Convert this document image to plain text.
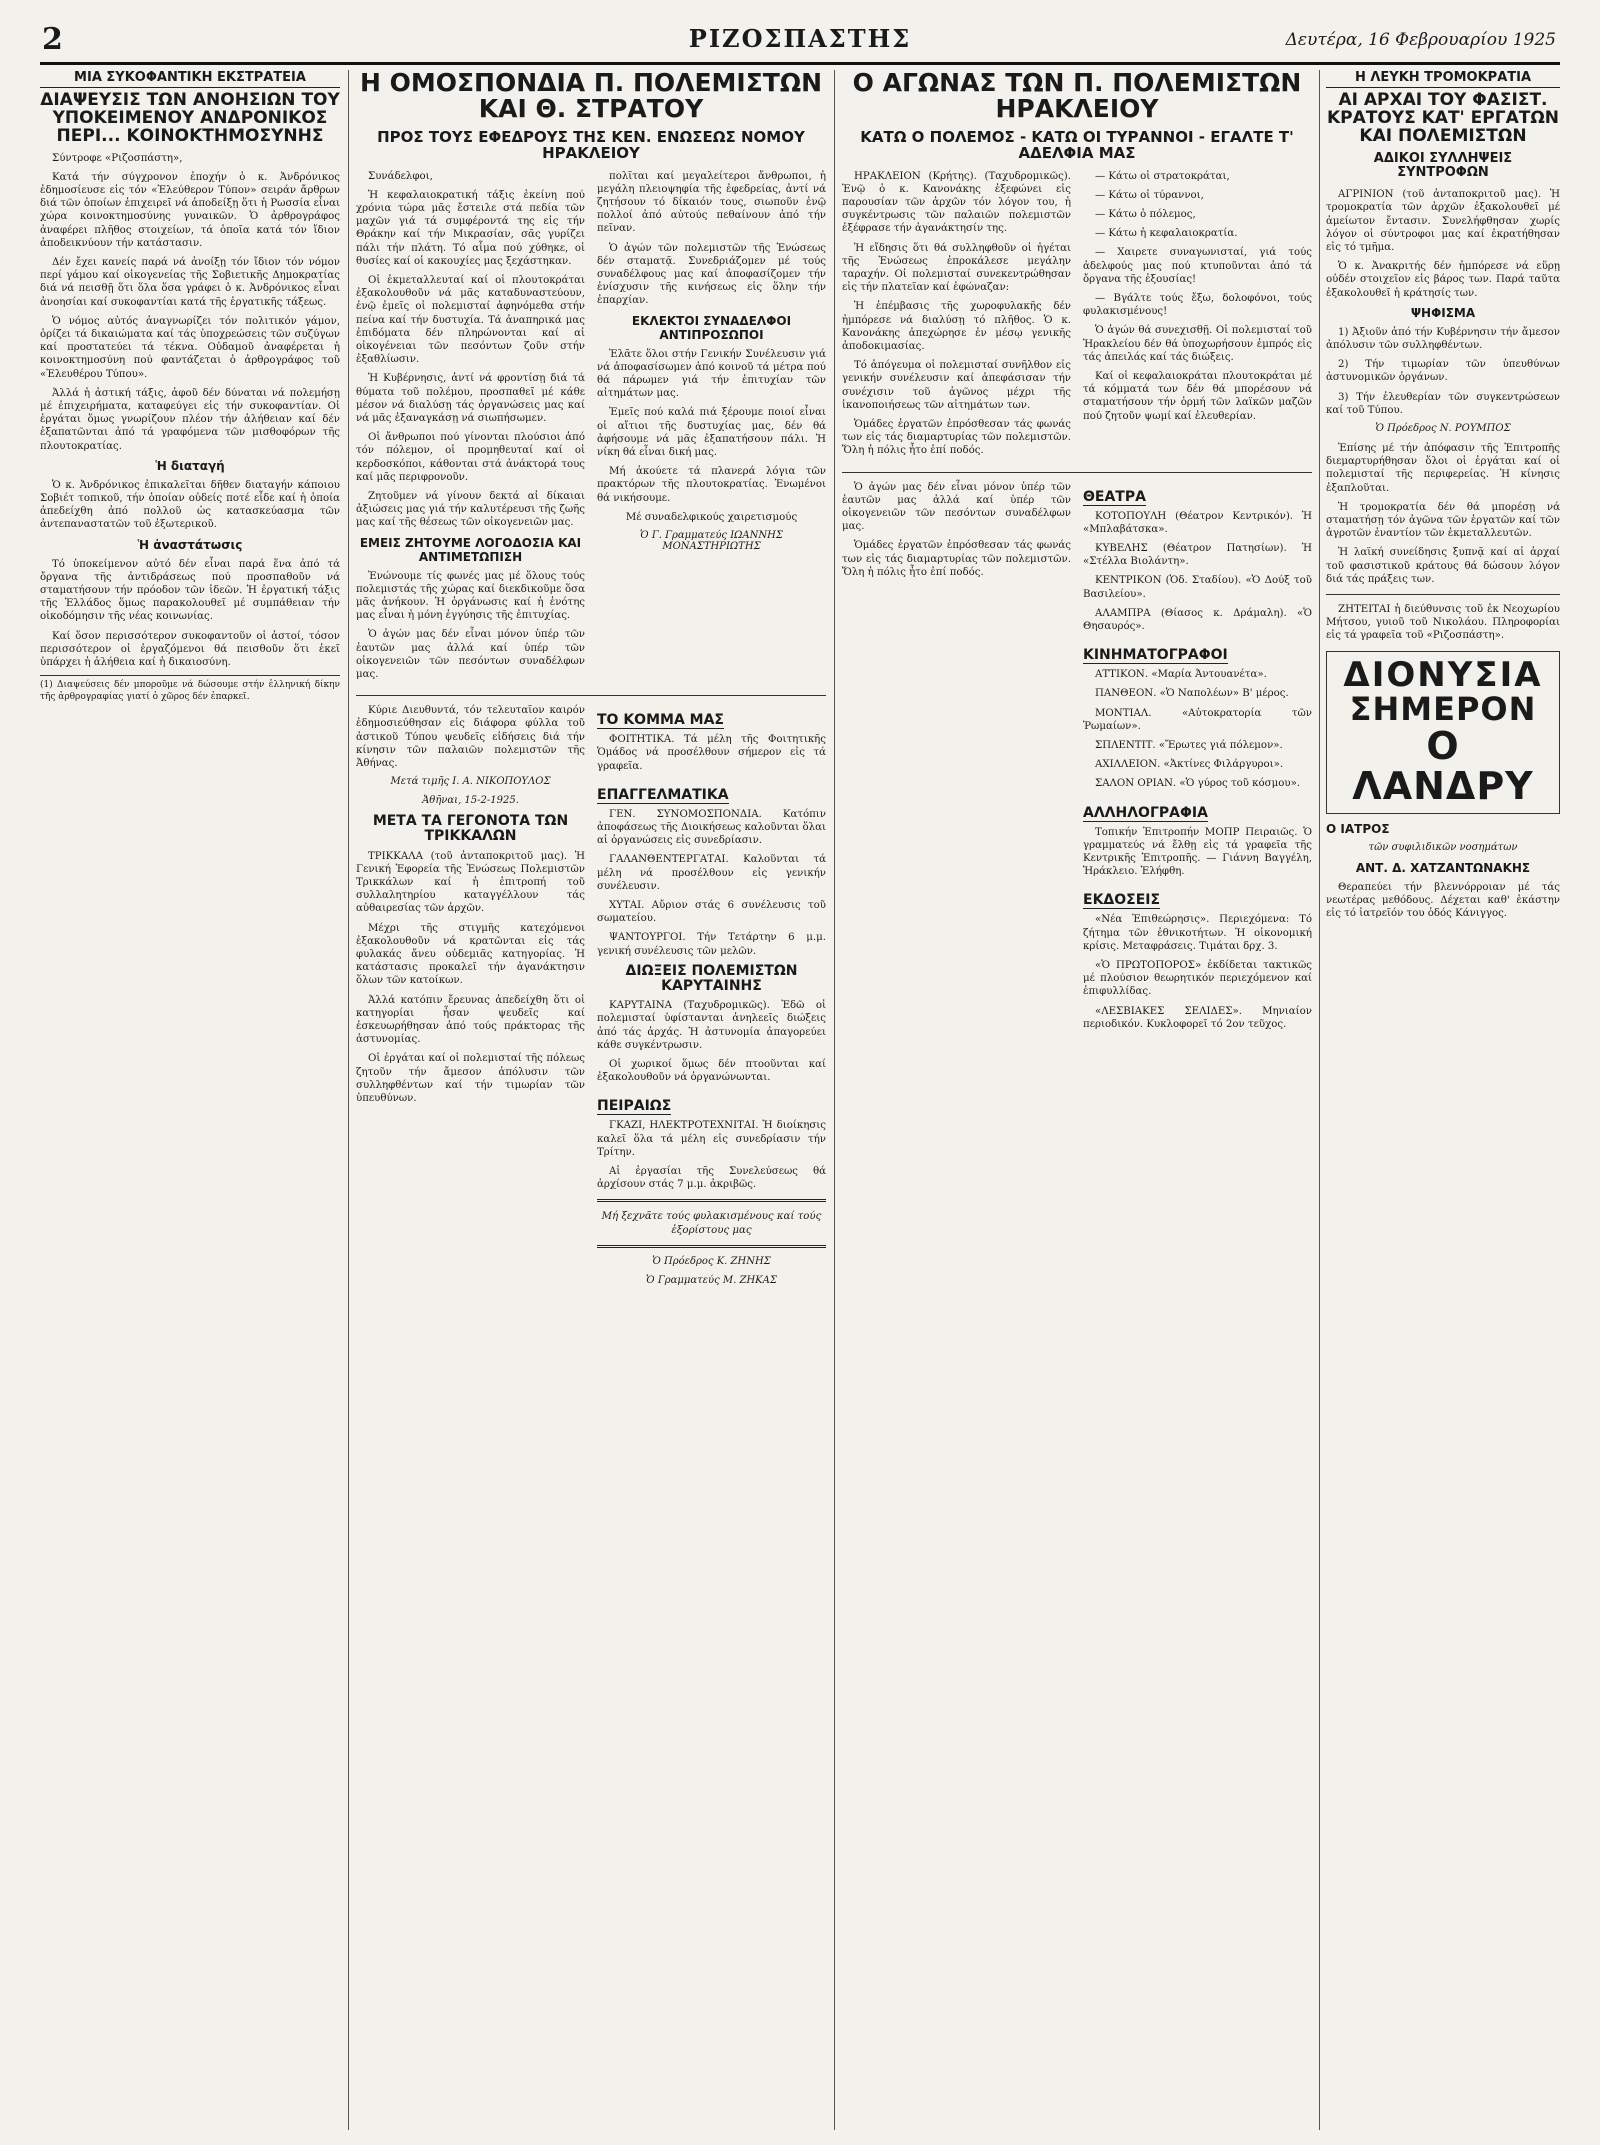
2	ΡΙΖΟΣΠΑΣΤΗΣ	Δευτέρα, 16 Φεβρουαρίου 1925
ΜΙΑ ΣΥΚΟΦΑΝΤΙΚΗ ΕΚΣΤΡΑΤΕΙΑ
ΔΙΑΨΕΥΣΙΣ ΤΩΝ ΑΝΟΗΣΙΩΝ ΤΟΥ ΥΠΟΚΕΙΜΕΝΟΥ ΑΝΔΡΟΝΙΚΟΣ ΠΕΡΙ... ΚΟΙΝΟΚΤΗΜΟΣΥΝΗΣ

Σύντροφε «Ριζοσπάστη»,

Κατά τήν σύγχρονον ἐποχήν ὁ κ. Ἀνδρόνικος ἐδημοσίευσε εἰς τόν «Ἐλεύθερον Τύπον» σειράν ἄρθρων διά τῶν ὁποίων ἐπιχειρεῖ νά ἀποδείξῃ ὅτι ἡ Ρωσσία εἶναι χώρα κοινοκτημοσύνης γυναικῶν. Ὁ ἀρθρογράφος ἀναφέρει πλῆθος στοιχείων, τά ὁποῖα κατά τόν ἴδιον ἀποδεικνύουν τήν κατάστασιν.

Δέν ἔχει κανείς παρά νά ἀνοίξῃ τόν ἴδιον τόν νόμον περί γάμου καί οἰκογενείας τῆς Σοβιετικῆς Δημοκρατίας διά νά πεισθῇ ὅτι ὅλα ὅσα γράφει ὁ κ. Ἀνδρόνικος εἶναι ἀνοησίαι καί συκοφαντίαι κατά τῆς ἐργατικῆς τάξεως.

Ὁ νόμος αὐτός ἀναγνωρίζει τόν πολιτικόν γάμον, ὁρίζει τά δικαιώματα καί τάς ὑποχρεώσεις τῶν συζύγων καί προστατεύει τά τέκνα. Οὐδαμοῦ ἀναφέρεται ἡ κοινοκτημοσύνη πού φαντάζεται ὁ ἀρθρογράφος τοῦ «Ἐλευθέρου Τύπου».

Ἀλλά ἡ ἀστική τάξις, ἀφοῦ δέν δύναται νά πολεμήσῃ μέ ἐπιχειρήματα, καταφεύγει εἰς τήν συκοφαντίαν. Οἱ ἐργάται ὅμως γνωρίζουν πλέον τήν ἀλήθειαν καί δέν ἐξαπατῶνται ἀπό τά γραφόμενα τῶν μισθοφόρων τῆς πλουτοκρατίας.

Ἡ διαταγή

Ὁ κ. Ἀνδρόνικος ἐπικαλεῖται δῆθεν διαταγήν κάποιου Σοβιέτ τοπικοῦ, τήν ὁποίαν οὐδείς ποτέ εἶδε καί ἡ ὁποία ἀπεδείχθη ἀπό πολλοῦ ὡς κατασκεύασμα τῶν ἀντεπαναστατῶν τοῦ ἐξωτερικοῦ.

Ἡ ἀναστάτωσις

Τό ὑποκείμενον αὐτό δέν εἶναι παρά ἕνα ἀπό τά ὄργανα τῆς ἀντιδράσεως πού προσπαθοῦν νά σταματήσουν τήν πρόοδον τῶν ἰδεῶν. Ἡ ἐργατική τάξις τῆς Ἑλλάδος ὅμως παρακολουθεῖ μέ συμπάθειαν τήν οἰκοδόμησιν τῆς νέας κοινωνίας.

Καί ὅσον περισσότερον συκοφαντοῦν οἱ ἀστοί, τόσον περισσότερον οἱ ἐργαζόμενοι θά πεισθοῦν ὅτι ἐκεῖ ὑπάρχει ἡ ἀλήθεια καί ἡ δικαιοσύνη.

(1) Διαψεύσεις δέν μποροῦμε νά δώσουμε στήν ἑλληνική δίκην τῆς ἀρθρογραφίας γιατί ὁ χῶρος δέν ἐπαρκεῖ.
Η ΟΜΟΣΠΟΝΔΙΑ Π. ΠΟΛΕΜΙΣΤΩΝ ΚΑΙ Θ. ΣΤΡΑΤΟΥ
ΠΡΟΣ ΤΟΥΣ ΕΦΕΔΡΟΥΣ ΤΗΣ ΚΕΝ. ΕΝΩΣΕΩΣ ΝΟΜΟΥ ΗΡΑΚΛΕΙΟΥ

Συνάδελφοι,

Ἡ κεφαλαιοκρατική τάξις ἐκείνη πού χρόνια τώρα μᾶς ἔστειλε στά πεδία τῶν μαχῶν γιά τά συμφέροντά της εἰς τήν Θράκην καί τήν Μικρασίαν, σᾶς γυρίζει πάλι τήν πλάτη. Τό αἷμα πού χύθηκε, οἱ θυσίες καί οἱ κακουχίες μας ξεχάστηκαν.

Οἱ ἐκμεταλλευταί καί οἱ πλουτοκράται ἐξακολουθοῦν νά μᾶς καταδυναστεύουν, ἐνῷ ἐμεῖς οἱ πολεμισταί ἀφηνόμεθα στήν πείνα καί τήν δυστυχία. Τά ἀναπηρικά μας ἐπιδόματα δέν πληρώνονται καί αἱ οἰκογένειαι τῶν πεσόντων ζοῦν στήν ἐξαθλίωσιν.

Ἡ Κυβέρνησις, ἀντί νά φροντίσῃ διά τά θύματα τοῦ πολέμου, προσπαθεῖ μέ κάθε μέσον νά διαλύσῃ τάς ὀργανώσεις μας καί νά μᾶς ἐξαναγκάσῃ νά σιωπήσωμεν.

Οἱ ἄνθρωποι πού γίνονται πλούσιοι ἀπό τόν πόλεμον, οἱ προμηθευταί καί οἱ κερδοσκόποι, κάθονται στά ἀνάκτορά τους καί μᾶς περιφρονοῦν.

Ζητοῦμεν νά γίνουν δεκτά αἱ δίκαιαι ἀξιώσεις μας γιά τήν καλυτέρευσι τῆς ζωῆς μας καί τῆς θέσεως τῶν οἰκογενειῶν μας.

ΕΜΕΙΣ ΖΗΤΟΥΜΕ ΛΟΓΟΔΟΣΙΑ ΚΑΙ ΑΝΤΙΜΕΤΩΠΙΣΗ

Ἐνώνουμε τίς φωνές μας μέ ὅλους τούς πολεμιστάς τῆς χώρας καί διεκδικοῦμε ὅσα μᾶς ἀνήκουν. Ἡ ὀργάνωσις καί ἡ ἑνότης μας εἶναι ἡ μόνη ἐγγύησις τῆς ἐπιτυχίας.

Ὁ ἀγών μας δέν εἶναι μόνον ὑπέρ τῶν ἑαυτῶν μας ἀλλά καί ὑπέρ τῶν οἰκογενειῶν τῶν πεσόντων συναδέλφων μας.

πολῖται καί μεγαλείτεροι ἄνθρωποι, ἡ μεγάλη πλειοψηφία τῆς ἐφεδρείας, ἀντί νά ζητήσουν τό δίκαιόν τους, σιωποῦν ἐνῷ πολλοί ἀπό αὐτούς πεθαίνουν ἀπό τήν πεῖναν.

Ὁ ἀγών τῶν πολεμιστῶν τῆς Ἑνώσεως δέν σταματᾷ. Συνεδριάζομεν μέ τούς συναδέλφους μας καί ἀποφασίζομεν τήν ἐνίσχυσιν τῆς κινήσεως εἰς ὅλην τήν ἐπαρχίαν.

ΕΚΛΕΚΤΟΙ ΣΥΝΑΔΕΛΦΟΙ ΑΝΤΙΠΡΟΣΩΠΟΙ

Ἐλᾶτε ὅλοι στήν Γενικήν Συνέλευσιν γιά νά ἀποφασίσωμεν ἀπό κοινοῦ τά μέτρα πού θά πάρωμεν γιά τήν ἐπιτυχίαν τῶν αἰτημάτων μας.

Ἐμεῖς πού καλά πιά ξέρουμε ποιοί εἶναι οἱ αἴτιοι τῆς δυστυχίας μας, δέν θά ἀφήσουμε νά μᾶς ἐξαπατήσουν πάλι. Ἡ νίκη θά εἶναι δική μας.

Μή ἀκούετε τά πλανερά λόγια τῶν πρακτόρων τῆς πλουτοκρατίας. Ἑνωμένοι θά νικήσουμε.

Μέ συναδελφικούς χαιρετισμούς

Ὁ Γ. Γραμματεύς ΙΩΑΝΝΗΣ ΜΟΝΑΣΤΗΡΙΩΤΗΣ

Κύριε Διευθυντά, τόν τελευταῖον καιρόν ἐδημοσιεύθησαν εἰς διάφορα φύλλα τοῦ ἀστικοῦ Τύπου ψευδεῖς εἰδήσεις διά τήν κίνησιν τῶν παλαιῶν πολεμιστῶν τῆς Ἀθήνας.

Μετά τιμῆς Ι. Α. ΝΙΚΟΠΟΥΛΟΣ
Ἀθῆναι, 15-2-1925.
ΜΕΤΑ ΤΑ ΓΕΓΟΝΟΤΑ ΤΩΝ ΤΡΙΚΚΑΛΩΝ

ΤΡΙΚΚΑΛΑ (τοῦ ἀνταποκριτοῦ μας). Ἡ Γενική Ἐφορεία τῆς Ἐνώσεως Πολεμιστῶν Τρικκάλων καί ἡ ἐπιτροπή τοῦ συλλαλητηρίου καταγγέλλουν τάς αὐθαιρεσίας τῶν ἀρχῶν.

Μέχρι τῆς στιγμῆς κατεχόμενοι ἐξακολουθοῦν νά κρατῶνται εἰς τάς φυλακάς ἄνευ οὐδεμιᾶς κατηγορίας. Ἡ κατάστασις προκαλεῖ τήν ἀγανάκτησιν ὅλων τῶν κατοίκων.

Ἀλλά κατόπιν ἔρευνας ἀπεδείχθη ὅτι οἱ κατηγορίαι ἦσαν ψευδεῖς καί ἐσκευωρήθησαν ἀπό τούς πράκτορας τῆς ἀστυνομίας.

Οἱ ἐργάται καί οἱ πολεμισταί τῆς πόλεως ζητοῦν τήν ἄμεσον ἀπόλυσιν τῶν συλληφθέντων καί τήν τιμωρίαν τῶν ὑπευθύνων.

ΤΟ ΚΟΜΜΑ ΜΑΣ

ΦΟΙΤΗΤΙΚΑ. Τά μέλη τῆς Φοιτητικῆς Ὁμάδος νά προσέλθουν σήμερον εἰς τά γραφεῖα.

ΕΠΑΓΓΕΛΜΑΤΙΚΑ

ΓΕΝ. ΣΥΝΟΜΟΣΠΟΝΔΙΑ. Κατόπιν ἀποφάσεως τῆς Διοικήσεως καλοῦνται ὅλαι αἱ ὀργανώσεις εἰς συνεδρίασιν.

ΓΑΛΑΝΘΕΝΤΕΡΓΑΤΑΙ. Καλοῦνται τά μέλη νά προσέλθουν εἰς γενικήν συνέλευσιν.

ΧΥΤΑΙ. Αὔριον στάς 6 συνέλευσις τοῦ σωματείου.

ΨΑΝΤΟΥΡΓΟΙ. Τήν Τετάρτην 6 μ.μ. γενική συνέλευσις τῶν μελῶν.

ΔΙΩΞΕΙΣ ΠΟΛΕΜΙΣΤΩΝ ΚΑΡΥΤΑΙΝΗΣ

ΚΑΡΥΤΑΙΝΑ (Ταχυδρομικῶς). Ἐδῶ οἱ πολεμισταί ὑφίστανται ἀνηλεεῖς διώξεις ἀπό τάς ἀρχάς. Ἡ ἀστυνομία ἀπαγορεύει κάθε συγκέντρωσιν.

Οἱ χωρικοί ὅμως δέν πτοοῦνται καί ἐξακολουθοῦν νά ὀργανώνωνται.

ΠΕΙΡΑΙΩΣ

ΓΚΑΖΙ, ΗΛΕΚΤΡΟΤΕΧΝΙΤΑΙ. Ἡ διοίκησις καλεῖ ὅλα τά μέλη εἰς συνεδρίασιν τήν Τρίτην.

Αἱ ἐργασίαι τῆς Συνελεύσεως θά ἀρχίσουν στάς 7 μ.μ. ἀκριβῶς.

Μή ξεχνᾶτε τούς φυλακισμένους καί τούς ἐξορίστους μας

Ὁ Πρόεδρος Κ. ΖΗΝΗΣ
Ὁ Γραμματεύς Μ. ΖΗΚΑΣ
Ο ΑΓΩΝΑΣ ΤΩΝ Π. ΠΟΛΕΜΙΣΤΩΝ ΗΡΑΚΛΕΙΟΥ
ΚΑΤΩ Ο ΠΟΛΕΜΟΣ - ΚΑΤΩ ΟΙ ΤΥΡΑΝΝΟΙ - ΕΓΑΛΤΕ Τ' ΑΔΕΛΦΙΑ ΜΑΣ

ΗΡΑΚΛΕΙΟΝ (Κρήτης). (Ταχυδρομικῶς). Ἐνῷ ὁ κ. Κανονάκης ἐξεφώνει εἰς παρουσίαν τῶν ἀρχῶν τόν λόγον του, ἡ συγκέντρωσις τῶν παλαιῶν πολεμιστῶν ἐξέφρασε τήν ἀγανάκτησίν της.

Ἡ εἴδησις ὅτι θά συλληφθοῦν οἱ ἡγέται τῆς Ἑνώσεως ἐπροκάλεσε μεγάλην ταραχήν. Οἱ πολεμισταί συνεκεντρώθησαν εἰς τήν πλατεῖαν καί ἐφώναζαν:

Ἡ ἐπέμβασις τῆς χωροφυλακῆς δέν ἠμπόρεσε νά διαλύσῃ τό πλῆθος. Ὁ κ. Κανονάκης ἀπεχώρησε ἐν μέσῳ γενικῆς ἀποδοκιμασίας.

Τό ἀπόγευμα οἱ πολεμισταί συνῆλθον εἰς γενικήν συνέλευσιν καί ἀπεφάσισαν τήν συνέχισιν τοῦ ἀγῶνος μέχρι τῆς ἱκανοποιήσεως τῶν αἰτημάτων των.

Ὁμάδες ἐργατῶν ἐπρόσθεσαν τάς φωνάς των εἰς τάς διαμαρτυρίας τῶν πολεμιστῶν. Ὅλη ἡ πόλις ἦτο ἐπί ποδός.

— Κάτω οἱ στρατοκράται,

— Κάτω οἱ τύραννοι,

— Κάτω ὁ πόλεμος,

— Κάτω ἡ κεφαλαιοκρατία.

— Χαιρετε συναγωνισταί, γιά τούς ἀδελφούς μας πού κτυποῦνται ἀπό τά ὄργανα τῆς ἐξουσίας!

— Βγάλτε τούς ἔξω, δολοφόνοι, τούς φυλακισμένους!

Ὁ ἀγών θά συνεχισθῇ. Οἱ πολεμισταί τοῦ Ἡρακλείου δέν θά ὑποχωρήσουν ἐμπρός εἰς τάς ἀπειλάς καί τάς διώξεις.

Καί οἱ κεφαλαιοκράται πλουτοκράται μέ τά κόμματά των δέν θά μπορέσουν νά σταματήσουν τήν ὁρμή τῶν λαϊκῶν μαζῶν πού ζητοῦν ψωμί καί ἐλευθερίαν.

Ὁ ἀγών μας δέν εἶναι μόνον ὑπέρ τῶν ἑαυτῶν μας ἀλλά καί ὑπέρ τῶν οἰκογενειῶν τῶν πεσόντων συναδέλφων μας.

Ὁμάδες ἐργατῶν ἐπρόσθεσαν τάς φωνάς των εἰς τάς διαμαρτυρίας τῶν πολεμιστῶν. Ὅλη ἡ πόλις ἦτο ἐπί ποδός.

ΘΕΑΤΡΑ

ΚΟΤΟΠΟΥΛΗ (Θέατρον Κεντρικόν). Ἡ «Μπλαβάτσκα».

ΚΥΒΕΛΗΣ (Θέατρον Πατησίων). Ἡ «Στέλλα Βιολάντη».

ΚΕΝΤΡΙΚΟΝ (Ὁδ. Σταδίου). «Ὁ Δούξ τοῦ Βασιλείου».

ΑΛΑΜΠΡΑ (Θίασος κ. Δράμαλη). «Ὁ Θησαυρός».

ΚΙΝΗΜΑΤΟΓΡΑΦΟΙ

ΑΤΤΙΚΟΝ. «Μαρία Ἀντουανέτα».

ΠΑΝΘΕΟΝ. «Ὁ Ναπολέων» Β' μέρος.

ΜΟΝΤΙΑΛ. «Αὐτοκρατορία τῶν Ῥωμαίων».

ΣΠΛΕΝΤΙΤ. «Ἔρωτες γιά πόλεμον».

ΑΧΙΛΛΕΙΟΝ. «Ἀκτίνες Φιλάργυροι».

ΣΑΛΟΝ ΟΡΙΑΝ. «Ὁ γύρος τοῦ κόσμου».

ΑΛΛΗΛΟΓΡΑΦΙΑ

Τοπικήν Ἐπιτροπήν ΜΟΠΡ Πειραιῶς. Ὁ γραμματεύς νά ἔλθῃ εἰς τά γραφεῖα τῆς Κεντρικῆς Ἐπιτροπῆς. — Γιάννη Βαγγέλη, Ἡράκλειο. Ἐλήφθη.

ΕΚΔΟΣΕΙΣ

«Νέα Ἐπιθεώρησις». Περιεχόμενα: Τό ζήτημα τῶν ἐθνικοτήτων. Ἡ οἰκονομική κρίσις. Μεταφράσεις. Τιμάται δρχ. 3.

«Ὁ ΠΡΩΤΟΠΟΡΟΣ» ἐκδίδεται τακτικῶς μέ πλούσιον θεωρητικόν περιεχόμενον καί ἐπιφυλλίδας.

«ΛΕΣΒΙΑΚΕΣ ΣΕΛΙΔΕΣ». Μηνιαίον περιοδικόν. Κυκλοφορεῖ τό 2ον τεῦχος.

Η ΛΕΥΚΗ ΤΡΟΜΟΚΡΑΤΙΑ
ΑΙ ΑΡΧΑΙ ΤΟΥ ΦΑΣΙΣΤ. ΚΡΑΤΟΥΣ ΚΑΤ' ΕΡΓΑΤΩΝ ΚΑΙ ΠΟΛΕΜΙΣΤΩΝ
ΑΔΙΚΟΙ ΣΥΛΛΗΨΕΙΣ ΣΥΝΤΡΟΦΩΝ

ΑΓΡΙΝΙΟΝ (τοῦ ἀνταποκριτοῦ μας). Ἡ τρομοκρατία τῶν ἀρχῶν ἐξακολουθεῖ μέ ἀμείωτον ἔντασιν. Συνελήφθησαν χωρίς λόγον οἱ σύντροφοι μας καί ἐκρατήθησαν εἰς τό τμῆμα.

Ὁ κ. Ἀνακριτής δέν ἠμπόρεσε νά εὕρῃ οὐδέν στοιχεῖον εἰς βάρος των. Παρά ταῦτα ἐξακολουθεῖ ἡ κράτησίς των.

ΨΗΦΙΣΜΑ

1) Ἀξιοῦν ἀπό τήν Κυβέρνησιν τήν ἄμεσον ἀπόλυσιν τῶν συλληφθέντων.

2) Τήν τιμωρίαν τῶν ὑπευθύνων ἀστυνομικῶν ὀργάνων.

3) Τήν ἐλευθερίαν τῶν συγκεντρώσεων καί τοῦ Τύπου.

Ὁ Πρόεδρος Ν. ΡΟΥΜΠΟΣ

Ἐπίσης μέ τήν ἀπόφασιν τῆς Ἐπιτροπῆς διεμαρτυρήθησαν ὅλοι οἱ ἐργάται καί οἱ πολεμισταί τῆς περιφερείας. Ἡ κίνησις ἐξαπλοῦται.

Ἡ τρομοκρατία δέν θά μπορέσῃ νά σταματήσῃ τόν ἀγῶνα τῶν ἐργατῶν καί τῶν ἀγροτῶν ἐναντίον τῶν ἐκμεταλλευτῶν.

Ἡ λαϊκή συνείδησις ξυπνᾷ καί αἱ ἀρχαί τοῦ φασιστικοῦ κράτους θά δώσουν λόγον διά τάς πράξεις των.

ΖΗΤΕΙΤΑΙ ἡ διεύθυνσις τοῦ ἐκ Νεοχωρίου Μήτσου, γυιοῦ τοῦ Νικολάου. Πληροφορίαι εἰς τά γραφεῖα τοῦ «Ριζοσπάστη».

ΔΙΟΝΥΣΙΑ
ΣΗΜΕΡΟΝ
Ο ΛΑΝΔΡΥ
Ο ΙΑΤΡΟΣ
τῶν συφιλιδικῶν νοσημάτων
ΑΝΤ. Δ. ΧΑΤΖΑΝΤΩΝΑΚΗΣ

Θεραπεύει τήν βλεννόρροιαν μέ τάς νεωτέρας μεθόδους. Δέχεται καθ' ἑκάστην εἰς τό ἰατρεῖόν του ὁδός Κάνιγγος.
